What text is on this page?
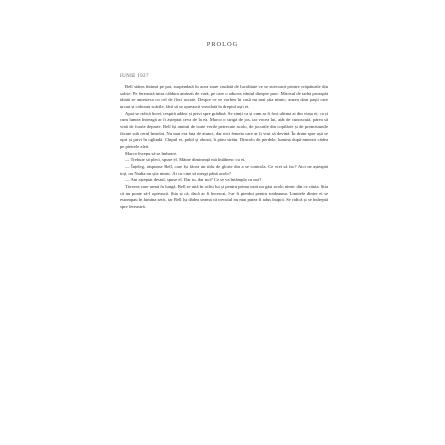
PROLOG
IUNIE 1927

Bell stătea întinsă pe pat, suspendată în acea stare ciudată de luciditate ce se strecoară printre crăpăturile din salcie. Pe fereastră intra căldura amiezii de vară, pe care o aducea vântul dinspre parc. Mirosul de iarbă proaspăt tăiată se amesteca cu cel de flori uscate. Despre ce se vorbea în casă nu mai știa nimic; auzea doar pașii care urcau și coborau scările, fără să se oprească vreodată în dreptul ușii ei.

Apoi se ridică încet, respiră adânc și privi spre grădină. Se simți ca și cum ar fi fost ultima zi din viața ei, ca și cum lumea întreagă ar fi așteptat ceva de la ea. Marco o strigă de jos, iar vocea lui, atât de cunoscută, părea să vină de foarte departe. Bell își aminti de toate verile petrecute acolo, de jocurile din copilărie și de promisiunile făcute sub cerul înstelat. Nu mai era fata de atunci, dar nici femeia care ar fi vrut să devină. În drum spre ușă se opri și privi în oglindă. Chipul ei, palid și obosit, îi păru străin. Dincolo de perdele, lumina după-amiezii cădea pe pietrele aleii.

Marco începu să se îmbrace.

— Trebuie să pleci, spuse el. Mâine dimineață mă întâlnesc cu ei.

— Înțeleg, răspunse Bell, care își făcea un titlu de glorie din a se controla. Ce vrei să fac? Aici ne așteaptă toți, iar Nadia nu știe nimic. Ai cu cine să mergi până acolo?

— Am așteptat destul, spuse el. Dar tu, dar noi? Ce se va întâmpla cu noi?

Tăcerea care urmă fu lungă. Bell se uită în ochii lui și pentru prima oară nu găsi acolo nimic din ce căuta. Știa că nu poate să-l oprească. Știa și că, dacă ar fi încercat, l-ar fi pierdut pentru totdeauna. Limitele dintre ei se estompau în lumina serii, iar Bell își dădea seama că trecutul nu mai putea fi adus înapoi. Se ridică și se îndreptă spre fereastră.
